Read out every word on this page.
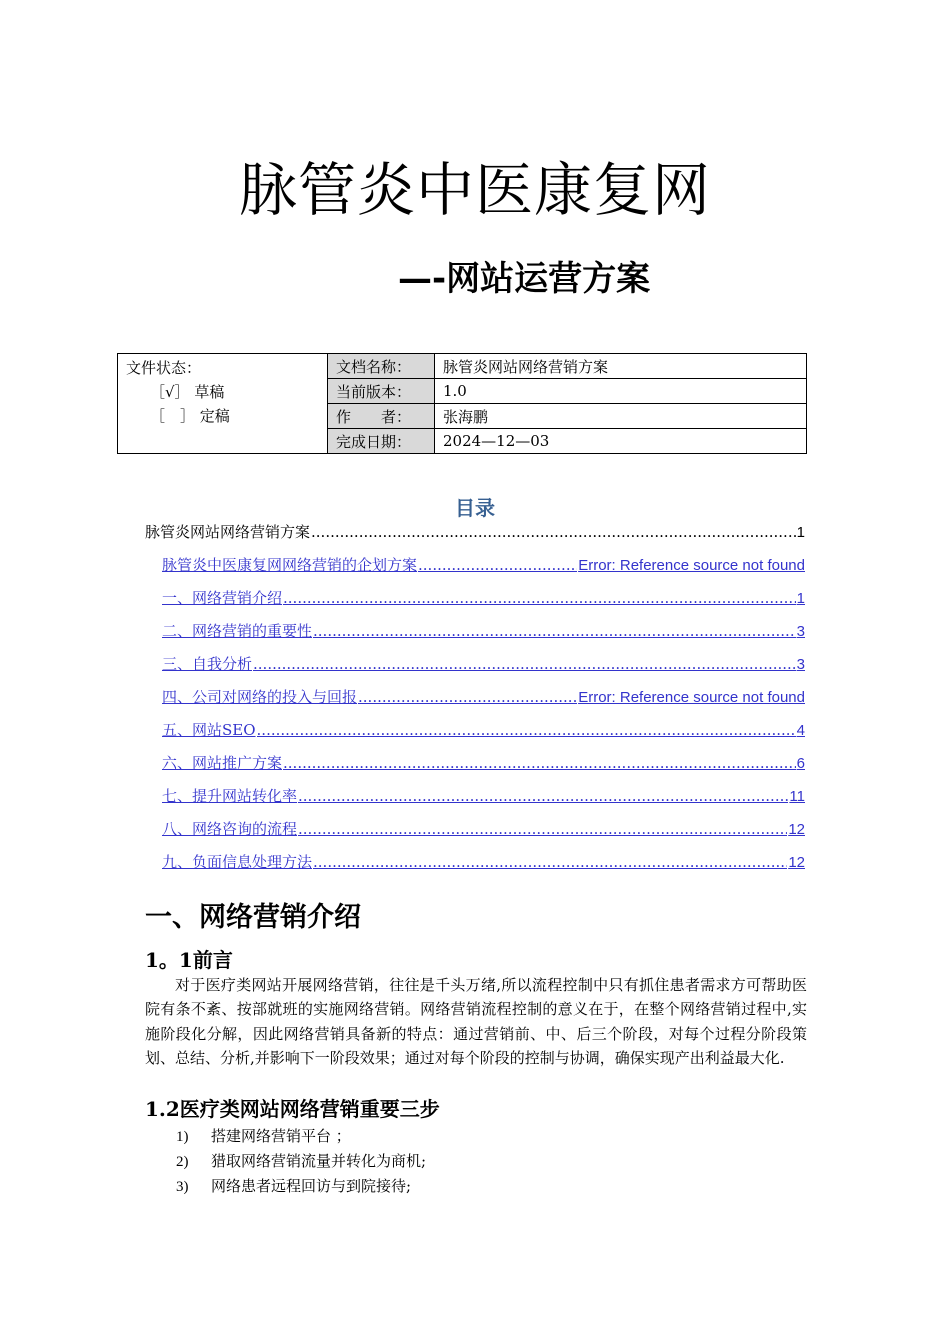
脉管炎中医康复网
—-网站运营方案
文件状态：
［√］ 草稿
［　］ 定稿	文档名称：	脉管炎网站网络营销方案
	当前版本：	1.0
	作　　者：	张海鹏
	完成日期：	2024—12—03
目录
脉管炎网站网络营销方案 .....	1
脉管炎中医康复网网络营销的企划方案 .....	Error: Reference source not found
一、网络营销介绍 .....	1
二、网络营销的重要性 .....	3
三、自我分析 .....	3
四、公司对网络的投入与回报 .....	Error: Reference source not found
五、网站SEO .....	4
六、网站推广方案 .....	6
七、提升网站转化率 .....	11
八、网络咨询的流程 .....	12
九、负面信息处理方法 .....	12
一、网络营销介绍
1。1前言

对于医疗类网站开展网络营销，往往是千头万绪,所以流程控制中只有抓住患者需求方可帮助医院有条不紊、按部就班的实施网络营销。网络营销流程控制的意义在于，在整个网络营销过程中,实施阶段化分解，因此网络营销具备新的特点：通过营销前、中、后三个阶段，对每个过程分阶段策划、总结、分析,并影响下一阶段效果；通过对每个阶段的控制与协调，确保实现产出利益最大化.

1.2医疗类网站网络营销重要三步
1) 搭建网络营销平台 ；
2) 猎取网络营销流量并转化为商机;
3) 网络患者远程回访与到院接待;
